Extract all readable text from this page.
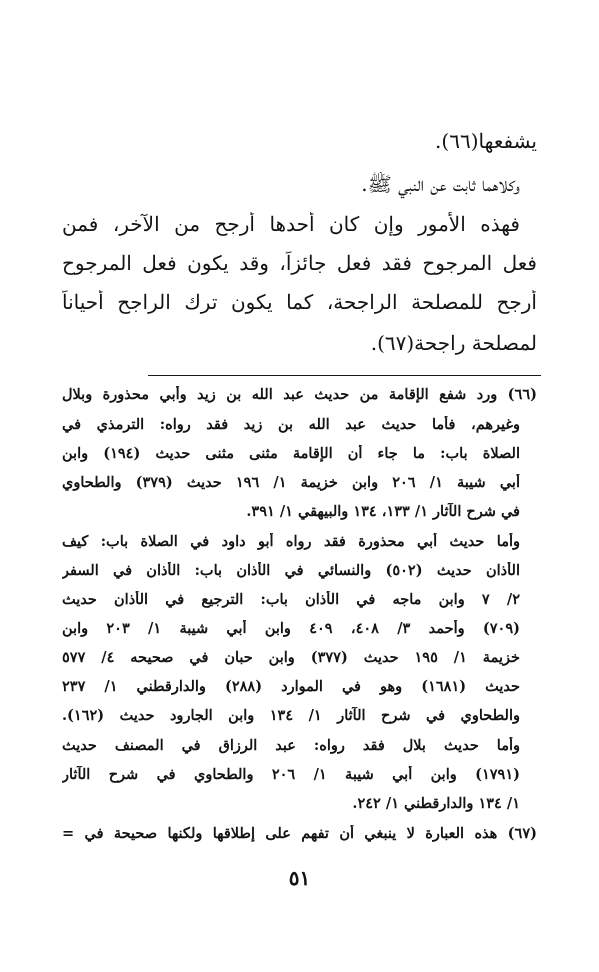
يشفعها(٦٦).
وكلاهما ثابت عن النبي ﷺ.
فهذه الأمور وإن كان أحدها أرجح من الآخر، فمن
فعل المرجوح فقد فعل جائزاً، وقد يكون فعل المرجوح
أرجح للمصلحة الراجحة، كما يكون ترك الراجح أحياناً
لمصلحة راجحة(٦٧).
(٦٦) ورد شفع الإقامة من حديث عبد الله بن زيد وأبي محذورة وبلال
وغيرهم، فأما حديث عبد الله بن زيد فقد رواه: الترمذي في
الصلاة باب: ما جاء أن الإقامة مثنى مثنى حديث (١٩٤) وابن
أبي شيبة ١/ ٢٠٦ وابن خزيمة ١/ ١٩٦ حديث (٣٧٩) والطحاوي
في شرح الآثار ١/ ١٣٣، ١٣٤ والبيهقي ١/ ٣٩١.
وأما حديث أبي محذورة فقد رواه أبو داود في الصلاة باب: كيف
الأذان حديث (٥٠٢) والنسائي في الأذان باب: الأذان في السفر
٢/ ٧ وابن ماجه في الأذان باب: الترجيع في الأذان حديث
(٧٠٩) وأحمد ٣/ ٤٠٨، ٤٠٩ وابن أبي شيبة ١/ ٢٠٣ وابن
خزيمة ١/ ١٩٥ حديث (٣٧٧) وابن حبان في صحيحه ٤/ ٥٧٧
حديث (١٦٨١) وهو في الموارد (٢٨٨) والدارقطني ١/ ٢٣٧
والطحاوي في شرح الآثار ١/ ١٣٤ وابن الجارود حديث (١٦٢).
وأما حديث بلال فقد رواه: عبد الرزاق في المصنف حديث
(١٧٩١) وابن أبي شيبة ١/ ٢٠٦ والطحاوي في شرح الآثار
١/ ١٣٤ والدارقطني ١/ ٢٤٢.
(٦٧) هذه العبارة لا ينبغي أن تفهم على إطلاقها ولكنها صحيحة في =
٥١
